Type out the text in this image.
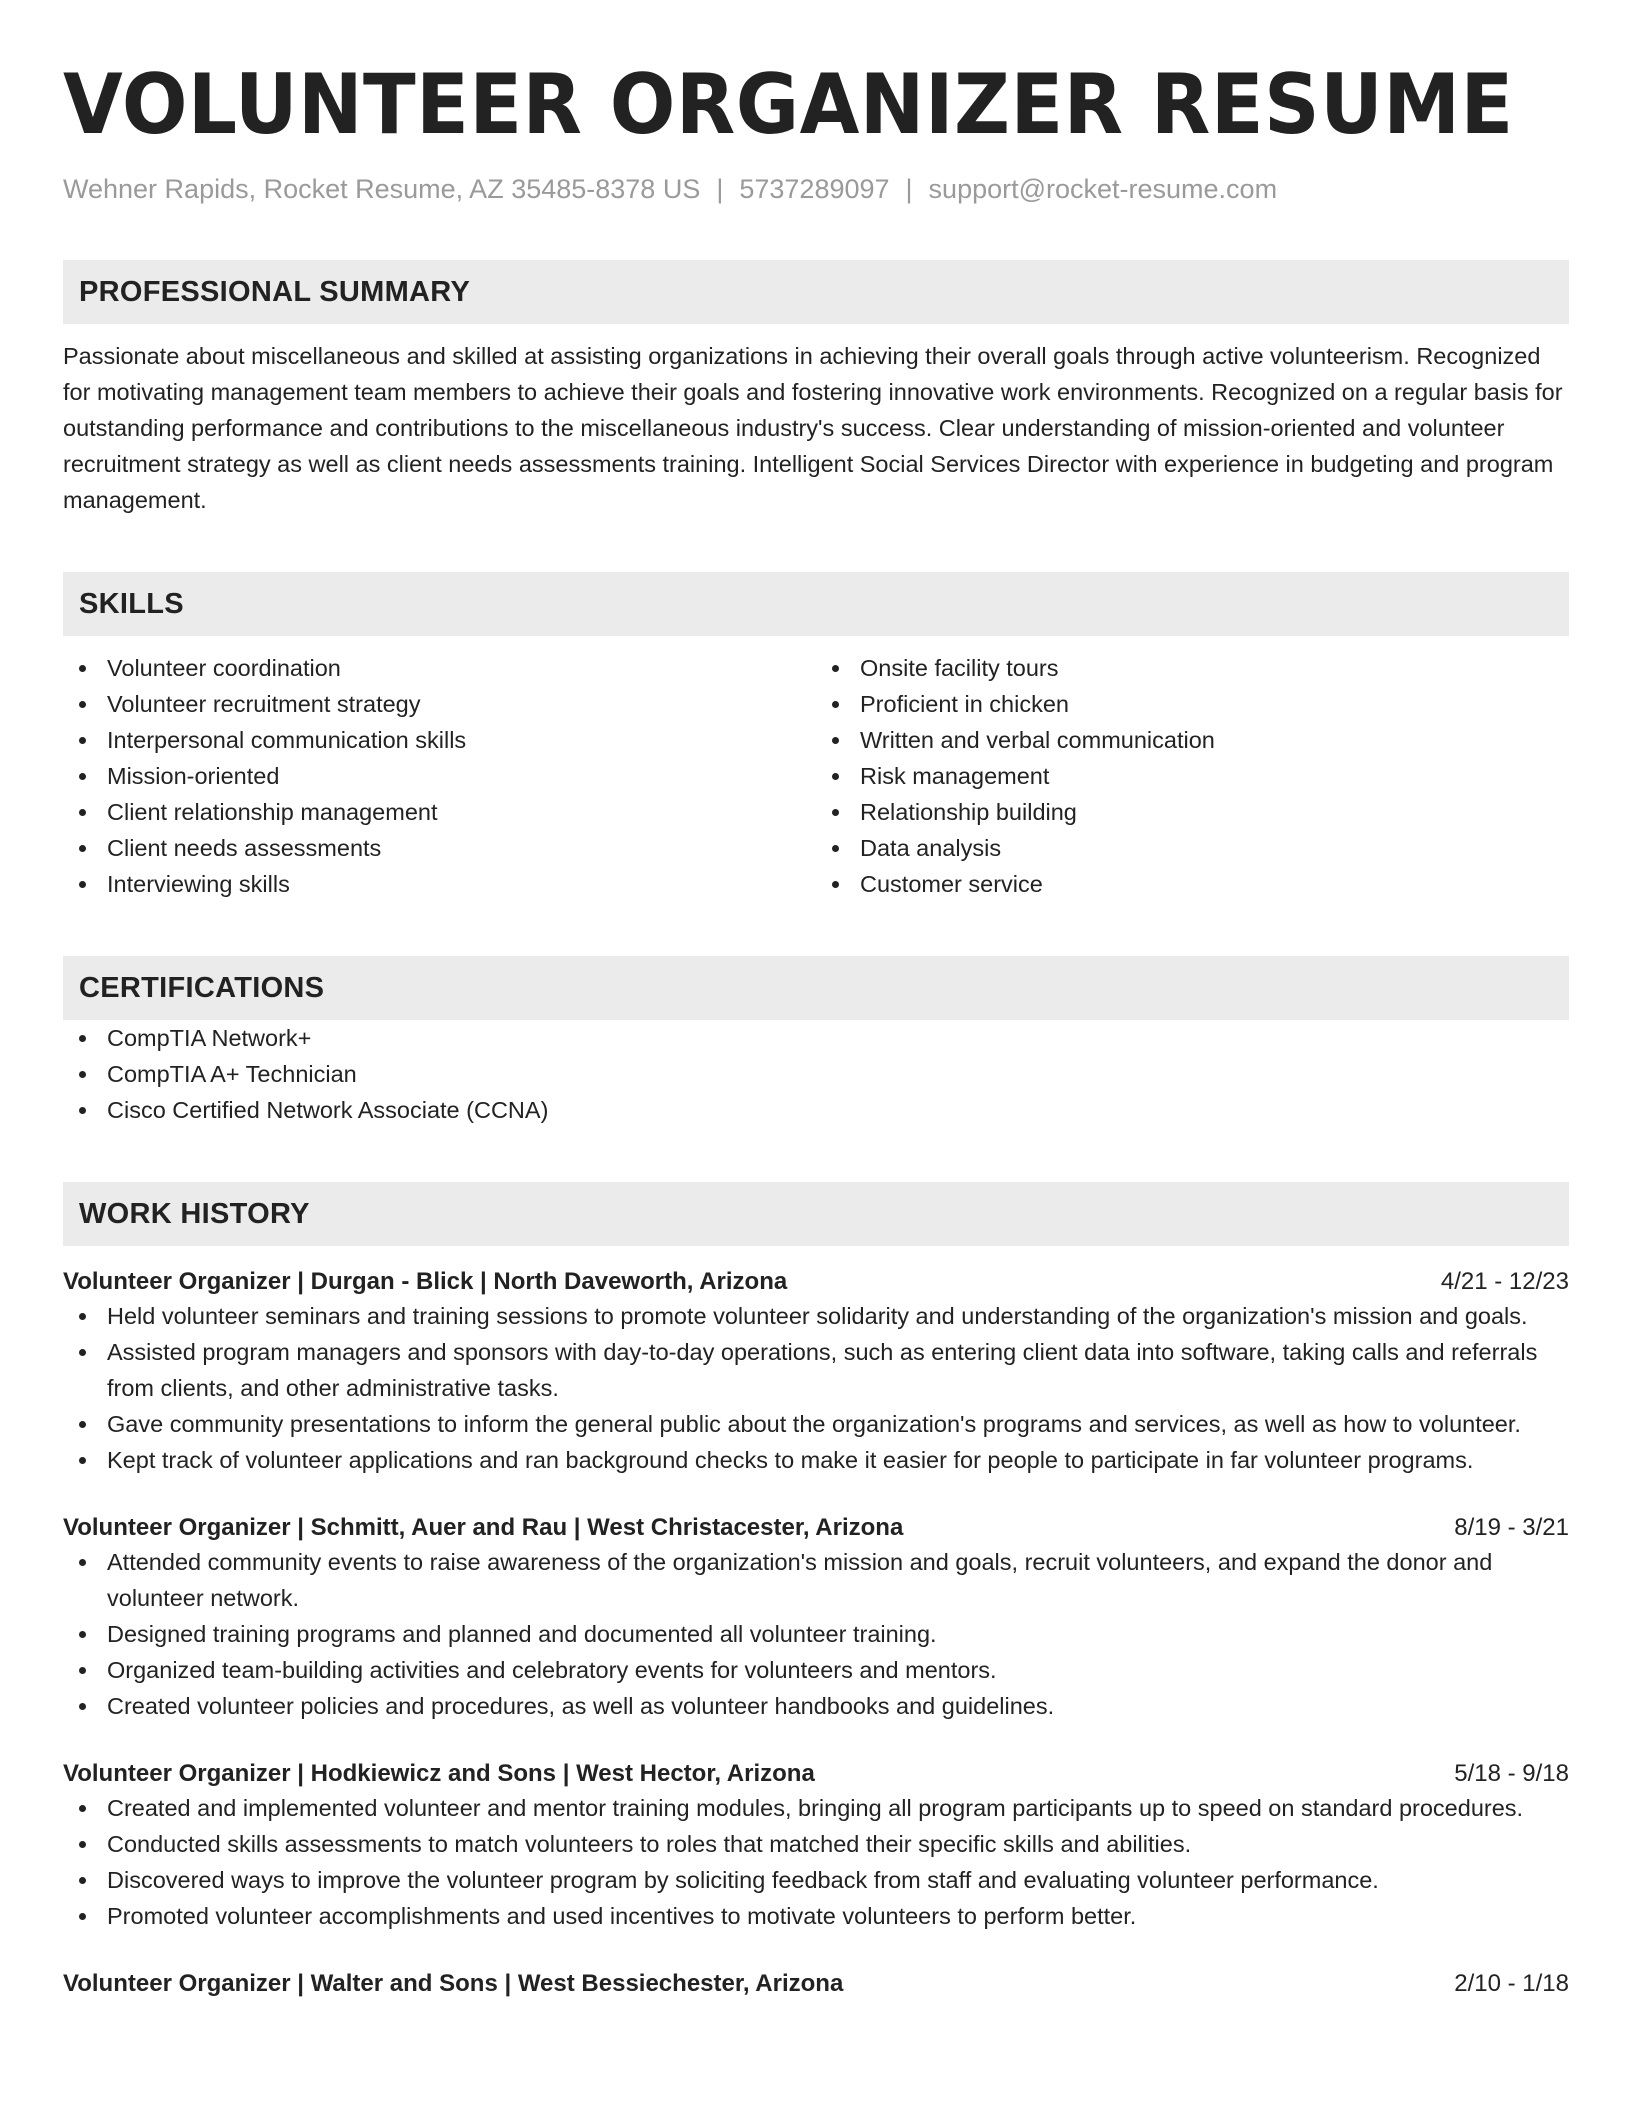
VOLUNTEER ORGANIZER RESUME
Wehner Rapids, Rocket Resume, AZ 35485-8378 US | 5737289097 | support@rocket-resume.com
PROFESSIONAL SUMMARY
Passionate about miscellaneous and skilled at assisting organizations in achieving their overall goals through active volunteerism. Recognized for motivating management team members to achieve their goals and fostering innovative work environments. Recognized on a regular basis for outstanding performance and contributions to the miscellaneous industry's success. Clear understanding of mission-oriented and volunteer recruitment strategy as well as client needs assessments training. Intelligent Social Services Director with experience in budgeting and program management.
SKILLS
Volunteer coordination
Volunteer recruitment strategy
Interpersonal communication skills
Mission-oriented
Client relationship management
Client needs assessments
Interviewing skills
Onsite facility tours
Proficient in chicken
Written and verbal communication
Risk management
Relationship building
Data analysis
Customer service
CERTIFICATIONS
CompTIA Network+
CompTIA A+ Technician
Cisco Certified Network Associate (CCNA)
WORK HISTORY
Volunteer Organizer | Durgan - Blick | North Daveworth, Arizona	4/21 - 12/23
Held volunteer seminars and training sessions to promote volunteer solidarity and understanding of the organization's mission and goals.
Assisted program managers and sponsors with day-to-day operations, such as entering client data into software, taking calls and referrals from clients, and other administrative tasks.
Gave community presentations to inform the general public about the organization's programs and services, as well as how to volunteer.
Kept track of volunteer applications and ran background checks to make it easier for people to participate in far volunteer programs.
Volunteer Organizer | Schmitt, Auer and Rau | West Christacester, Arizona	8/19 - 3/21
Attended community events to raise awareness of the organization's mission and goals, recruit volunteers, and expand the donor and volunteer network.
Designed training programs and planned and documented all volunteer training.
Organized team-building activities and celebratory events for volunteers and mentors.
Created volunteer policies and procedures, as well as volunteer handbooks and guidelines.
Volunteer Organizer | Hodkiewicz and Sons | West Hector, Arizona	5/18 - 9/18
Created and implemented volunteer and mentor training modules, bringing all program participants up to speed on standard procedures.
Conducted skills assessments to match volunteers to roles that matched their specific skills and abilities.
Discovered ways to improve the volunteer program by soliciting feedback from staff and evaluating volunteer performance.
Promoted volunteer accomplishments and used incentives to motivate volunteers to perform better.
Volunteer Organizer | Walter and Sons | West Bessiechester, Arizona	2/10 - 1/18
